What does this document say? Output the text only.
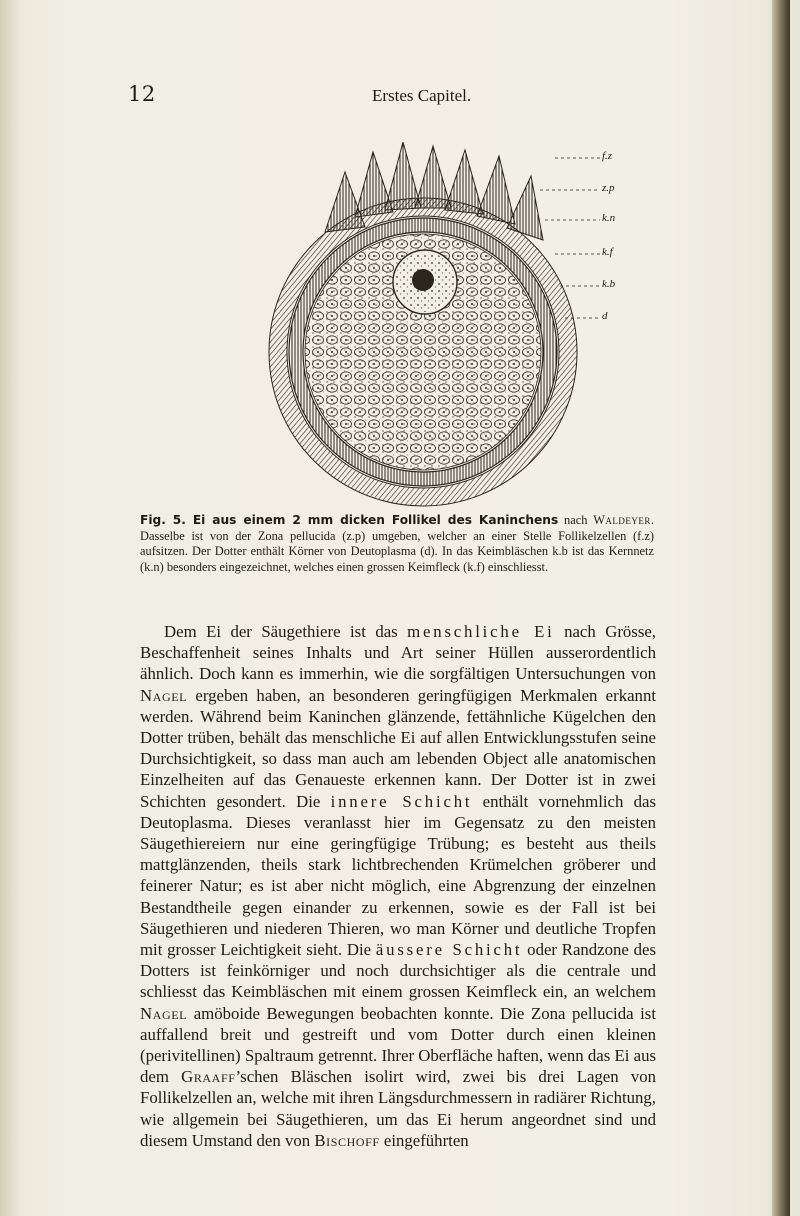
12	Erstes Capitel.
f.z
z.p
k.n
k.f
k.b
d
Fig. 5. Ei aus einem 2 mm dicken Follikel des Kaninchens nach Waldeyer. Dasselbe ist von der Zona pellucida (z.p) umgeben, welcher an einer Stelle Follikelzellen (f.z) aufsitzen. Der Dotter enthält Körner von Deutoplasma (d). In das Keimbläschen k.b ist das Kernnetz (k.n) besonders eingezeichnet, welches einen grossen Keimfleck (k.f) einschliesst.

Dem Ei der Säugethiere ist das menschliche Ei nach Grösse, Beschaffenheit seines Inhalts und Art seiner Hüllen ausserordentlich ähnlich. Doch kann es immerhin, wie die sorgfältigen Untersuchungen von Nagel ergeben haben, an besonderen geringfügigen Merkmalen erkannt werden. Während beim Kaninchen glänzende, fettähnliche Kügelchen den Dotter trüben, behält das menschliche Ei auf allen Entwicklungsstufen seine Durchsichtigkeit, so dass man auch am lebenden Object alle anatomischen Einzelheiten auf das Genaueste erkennen kann. Der Dotter ist in zwei Schichten gesondert. Die innere Schicht enthält vornehmlich das Deutoplasma. Dieses veranlasst hier im Gegensatz zu den meisten Säugethiereiern nur eine geringfügige Trübung; es besteht aus theils mattglänzenden, theils stark lichtbrechenden Krümelchen gröberer und feinerer Natur; es ist aber nicht möglich, eine Abgrenzung der einzelnen Bestandtheile gegen einander zu erkennen, sowie es der Fall ist bei Säugethieren und niederen Thieren, wo man Körner und deutliche Tropfen mit grosser Leichtigkeit sieht. Die äussere Schicht oder Randzone des Dotters ist feinkörniger und noch durchsichtiger als die centrale und schliesst das Keimbläschen mit einem grossen Keimfleck ein, an welchem Nagel amöboide Bewegungen beobachten konnte. Die Zona pellucida ist auffallend breit und gestreift und vom Dotter durch einen kleinen (perivitellinen) Spaltraum getrennt. Ihrer Oberfläche haften, wenn das Ei aus dem Graaff’schen Bläschen isolirt wird, zwei bis drei Lagen von Follikelzellen an, welche mit ihren Längsdurchmessern in radiärer Richtung, wie allgemein bei Säugethieren, um das Ei herum angeordnet sind und diesem Umstand den von Bischoff eingeführten
